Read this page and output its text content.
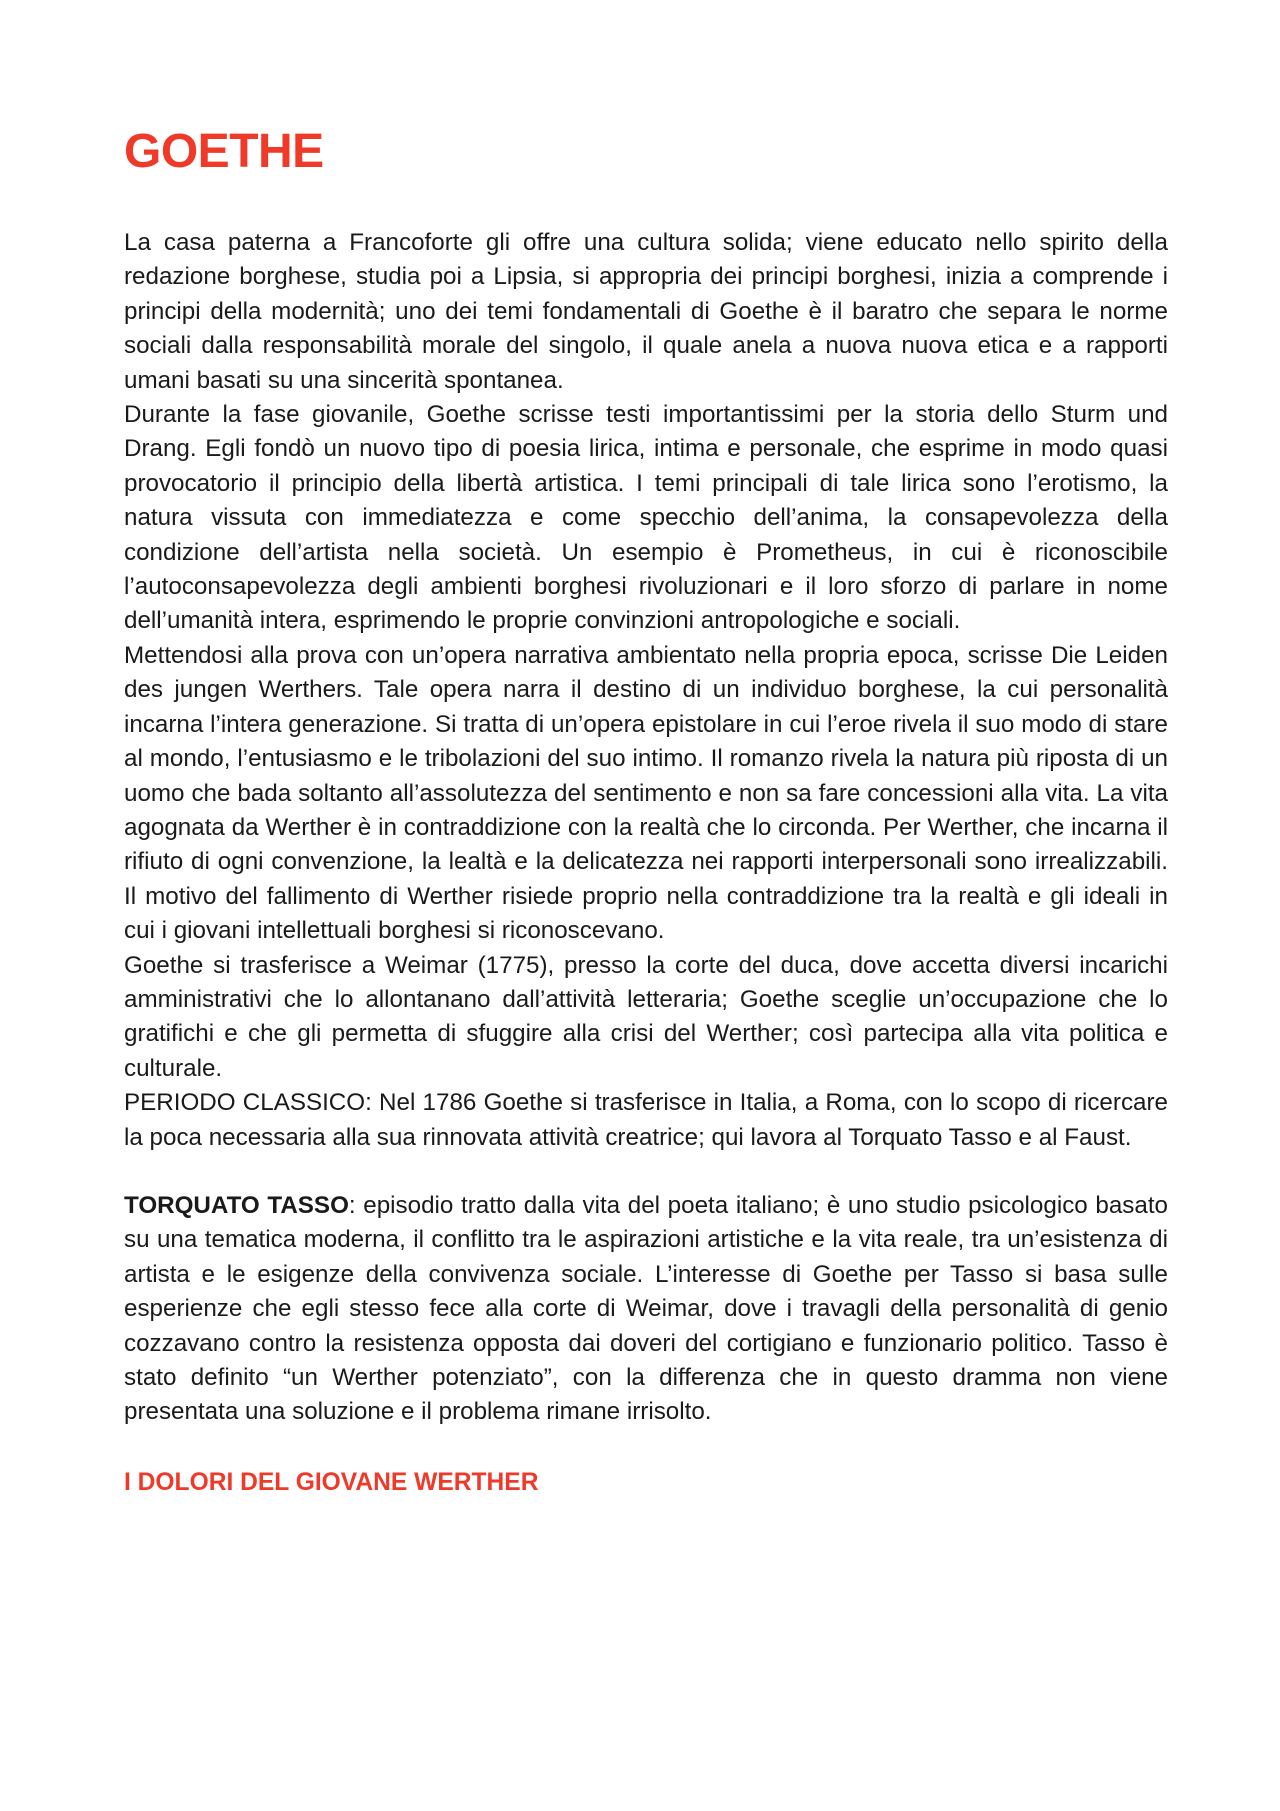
GOETHE

La casa paterna a Francoforte gli offre una cultura solida; viene educato nello spirito della redazione borghese, studia poi a Lipsia, si appropria dei principi borghesi, inizia a comprende i principi della modernità; uno dei temi fondamentali di Goethe è il baratro che separa le norme sociali dalla responsabilità morale del singolo, il quale anela a nuova nuova etica e a rapporti umani basati su una sincerità spontanea.

Durante la fase giovanile, Goethe scrisse testi importantissimi per la storia dello Sturm und Drang. Egli fondò un nuovo tipo di poesia lirica, intima e personale, che esprime in modo quasi provocatorio il principio della libertà artistica. I temi principali di tale lirica sono l’erotismo, la natura vissuta con immediatezza e come specchio dell’anima, la consapevolezza della condizione dell’artista nella società. Un esempio è Prometheus, in cui è riconoscibile l’autoconsapevolezza degli ambienti borghesi rivoluzionari e il loro sforzo di parlare in nome dell’umanità intera, esprimendo le proprie convinzioni antropologiche e sociali.

Mettendosi alla prova con un’opera narrativa ambientato nella propria epoca, scrisse Die Leiden des jungen Werthers. Tale opera narra il destino di un individuo borghese, la cui personalità incarna l’intera generazione. Si tratta di un’opera epistolare in cui l’eroe rivela il suo modo di stare al mondo, l’entusiasmo e le tribolazioni del suo intimo. Il romanzo rivela la natura più riposta di un uomo che bada soltanto all’assolutezza del sentimento e non sa fare concessioni alla vita. La vita agognata da Werther è in contraddizione con la realtà che lo circonda. Per Werther, che incarna il rifiuto di ogni convenzione, la lealtà e la delicatezza nei rapporti interpersonali sono irrealizzabili. Il motivo del fallimento di Werther risiede proprio nella contraddizione tra la realtà e gli ideali in cui i giovani intellettuali borghesi si riconoscevano.

Goethe si trasferisce a Weimar (1775), presso la corte del duca, dove accetta diversi incarichi amministrativi che lo allontanano dall’attività letteraria; Goethe sceglie un’occupazione che lo gratifichi e che gli permetta di sfuggire alla crisi del Werther; così partecipa alla vita politica e culturale.

PERIODO CLASSICO: Nel 1786 Goethe si trasferisce in Italia, a Roma, con lo scopo di ricercare la poca necessaria alla sua rinnovata attività creatrice; qui lavora al Torquato Tasso e al Faust.

TORQUATO TASSO: episodio tratto dalla vita del poeta italiano; è uno studio psicologico basato su una tematica moderna, il conflitto tra le aspirazioni artistiche e la vita reale, tra un’esistenza di artista e le esigenze della convivenza sociale. L’interesse di Goethe per Tasso si basa sulle esperienze che egli stesso fece alla corte di Weimar, dove i travagli della personalità di genio cozzavano contro la resistenza opposta dai doveri del cortigiano e funzionario politico. Tasso è stato definito “un Werther potenziato”, con la differenza che in questo dramma non viene presentata una soluzione e il problema rimane irrisolto.

I DOLORI DEL GIOVANE WERTHER
